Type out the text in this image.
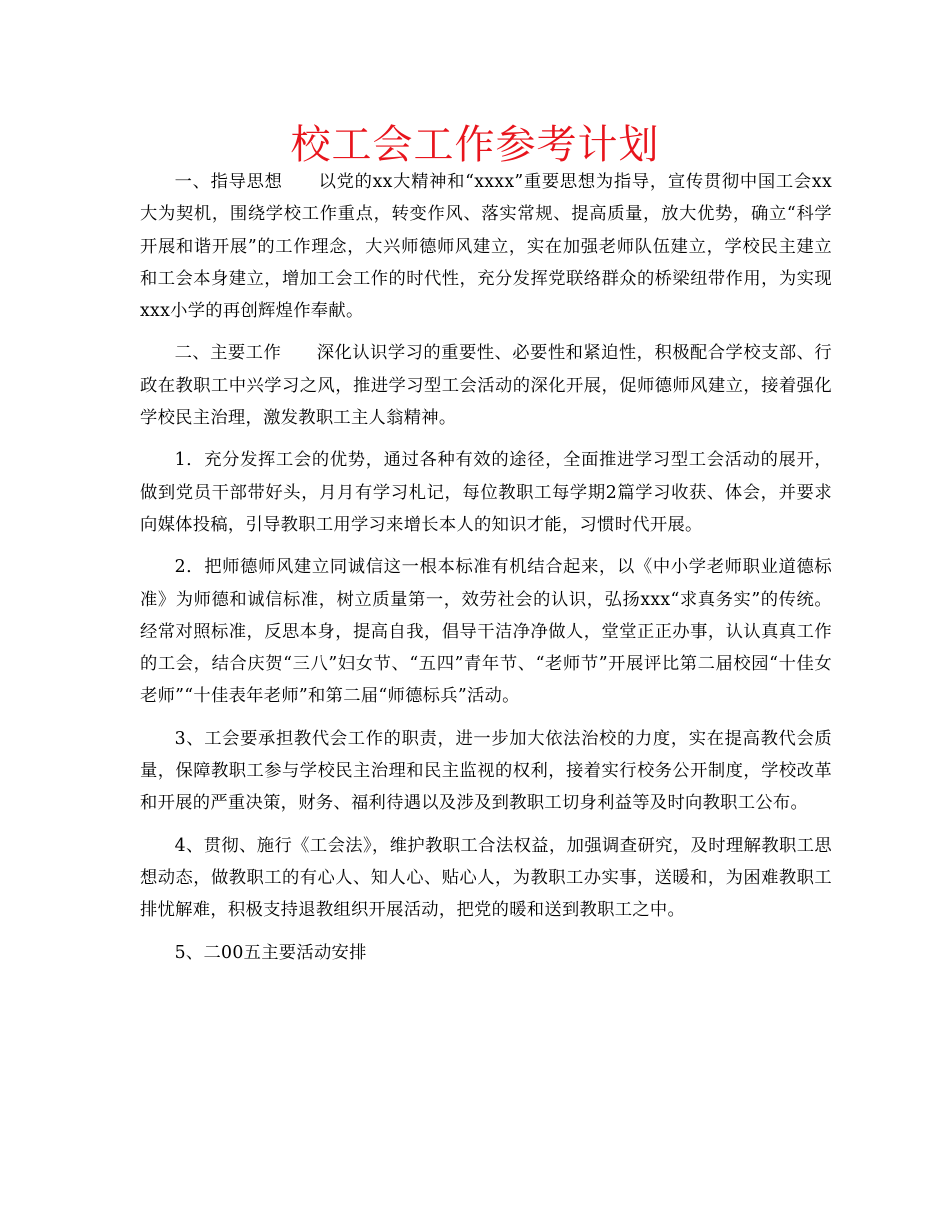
校工会工作参考计划

一、指导思想　　以党的xx大精神和“xxxx”重要思想为指导，宣传贯彻中国工会xx大为契机，围绕学校工作重点，转变作风、落实常规、提高质量，放大优势，确立“科学开展和谐开展”的工作理念，大兴师德师风建立，实在加强老师队伍建立，学校民主建立和工会本身建立，增加工会工作的时代性，充分发挥党联络群众的桥梁纽带作用，为实现xxx小学的再创辉煌作奉献。

二、主要工作　　深化认识学习的重要性、必要性和紧迫性，积极配合学校支部、行政在教职工中兴学习之风，推进学习型工会活动的深化开展，促师德师风建立，接着强化学校民主治理，激发教职工主人翁精神。

1．充分发挥工会的优势，通过各种有效的途径，全面推进学习型工会活动的展开，做到党员干部带好头，月月有学习札记，每位教职工每学期2篇学习收获、体会，并要求向媒体投稿，引导教职工用学习来增长本人的知识才能，习惯时代开展。

2．把师德师风建立同诚信这一根本标准有机结合起来，以《中小学老师职业道德标准》为师德和诚信标准，树立质量第一，效劳社会的认识，弘扬xxx“求真务实”的传统。经常对照标准，反思本身，提高自我，倡导干洁净净做人，堂堂正正办事，认认真真工作的工会，结合庆贺“三八”妇女节、“五四”青年节、“老师节”开展评比第二届校园“十佳女老师”“十佳表年老师”和第二届“师德标兵”活动。

3、工会要承担教代会工作的职责，进一步加大依法治校的力度，实在提高教代会质量，保障教职工参与学校民主治理和民主监视的权利，接着实行校务公开制度，学校改革和开展的严重决策，财务、福利待遇以及涉及到教职工切身利益等及时向教职工公布。

4、贯彻、施行《工会法》，维护教职工合法权益，加强调查研究，及时理解教职工思想动态，做教职工的有心人、知人心、贴心人，为教职工办实事，送暖和，为困难教职工排忧解难，积极支持退教组织开展活动，把党的暖和送到教职工之中。

5、二00五主要活动安排
